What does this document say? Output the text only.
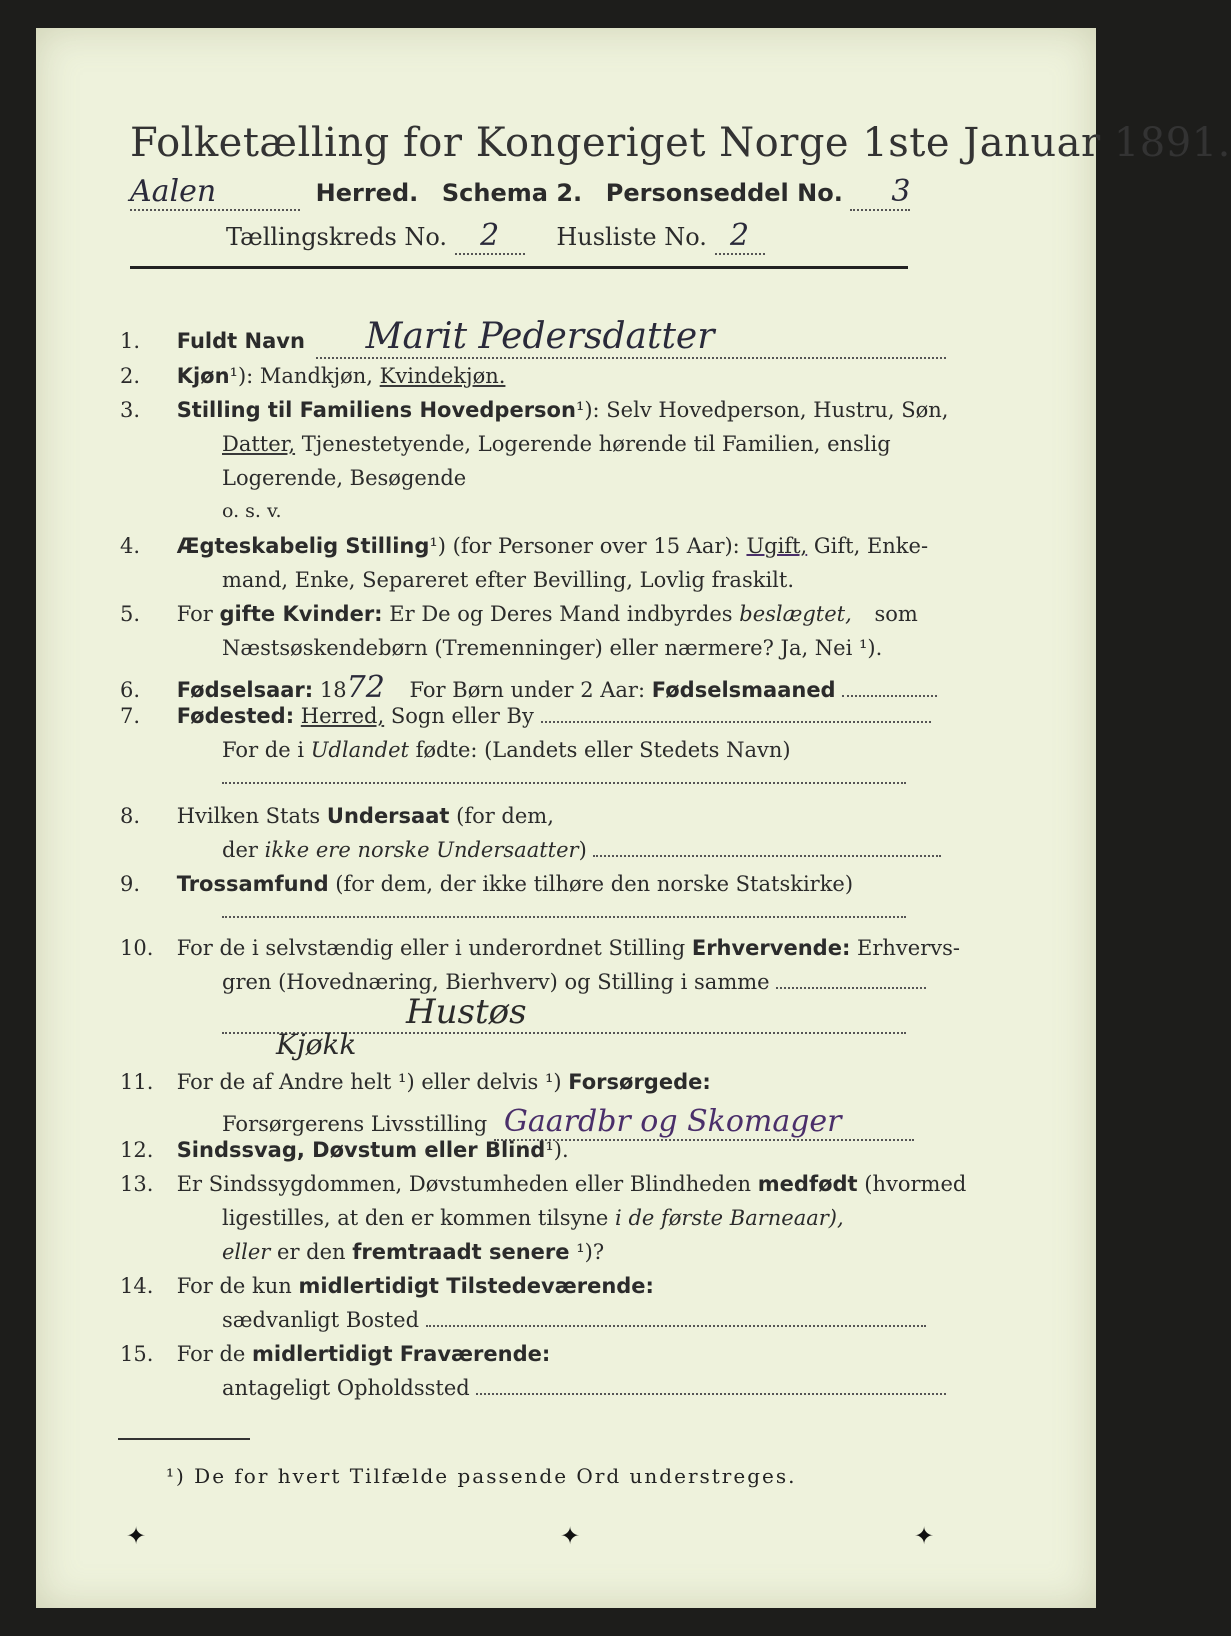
Folketælling for Kongeriget Norge 1ste Januar 1891.
Aalen	Herred. Schema 2. Personseddel No. 3
Tællingskreds No. 2 Husliste No. 2
1. Fuldt Navn Marit Pedersdatter
2. Kjøn¹): Mandkjøn, Kvindekjøn.
3. Stilling til Familiens Hovedperson¹): Selv Hovedperson, Hustru, Søn,
Datter, Tjenestetyende, Logerende hørende til Familien, enslig
Logerende, Besøgende
o. s. v.
4. Ægteskabelig Stilling¹) (for Personer over 15 Aar): Ugift, Gift, Enke-
mand, Enke, Separeret efter Bevilling, Lovlig fraskilt.
5. For gifte Kvinder: Er De og Deres Mand indbyrdes beslægtet, som
Næstsøskendebørn (Tremenninger) eller nærmere? Ja, Nei ¹).
6. Fødselsaar: 1872 For Børn under 2 Aar: Fødselsmaaned
7. Fødested: Herred, Sogn eller By
For de i Udlandet fødte: (Landets eller Stedets Navn)
8. Hvilken Stats Undersaat (for dem,
der ikke ere norske Undersaatter)
9. Trossamfund (for dem, der ikke tilhøre den norske Statskirke)
10. For de i selvstændig eller i underordnet Stilling Erhvervende: Erhvervs-
gren (Hovednæring, Bierhverv) og Stilling i samme
Hustøs
Kjøkk
11. For de af Andre helt ¹) eller delvis ¹) Forsørgede:
Forsørgerens Livsstilling Gaardbr og Skomager
12. Sindssvag, Døvstum eller Blind¹).
13. Er Sindssygdommen, Døvstumheden eller Blindheden medfødt (hvormed
ligestilles, at den er kommen tilsyne i de første Barneaar),
eller er den fremtraadt senere ¹)?
14. For de kun midlertidigt Tilstedeværende:
sædvanligt Bosted
15. For de midlertidigt Fraværende:
antageligt Opholdssted
¹) De for hvert Tilfælde passende Ord understreges.
✦	✦	✦
